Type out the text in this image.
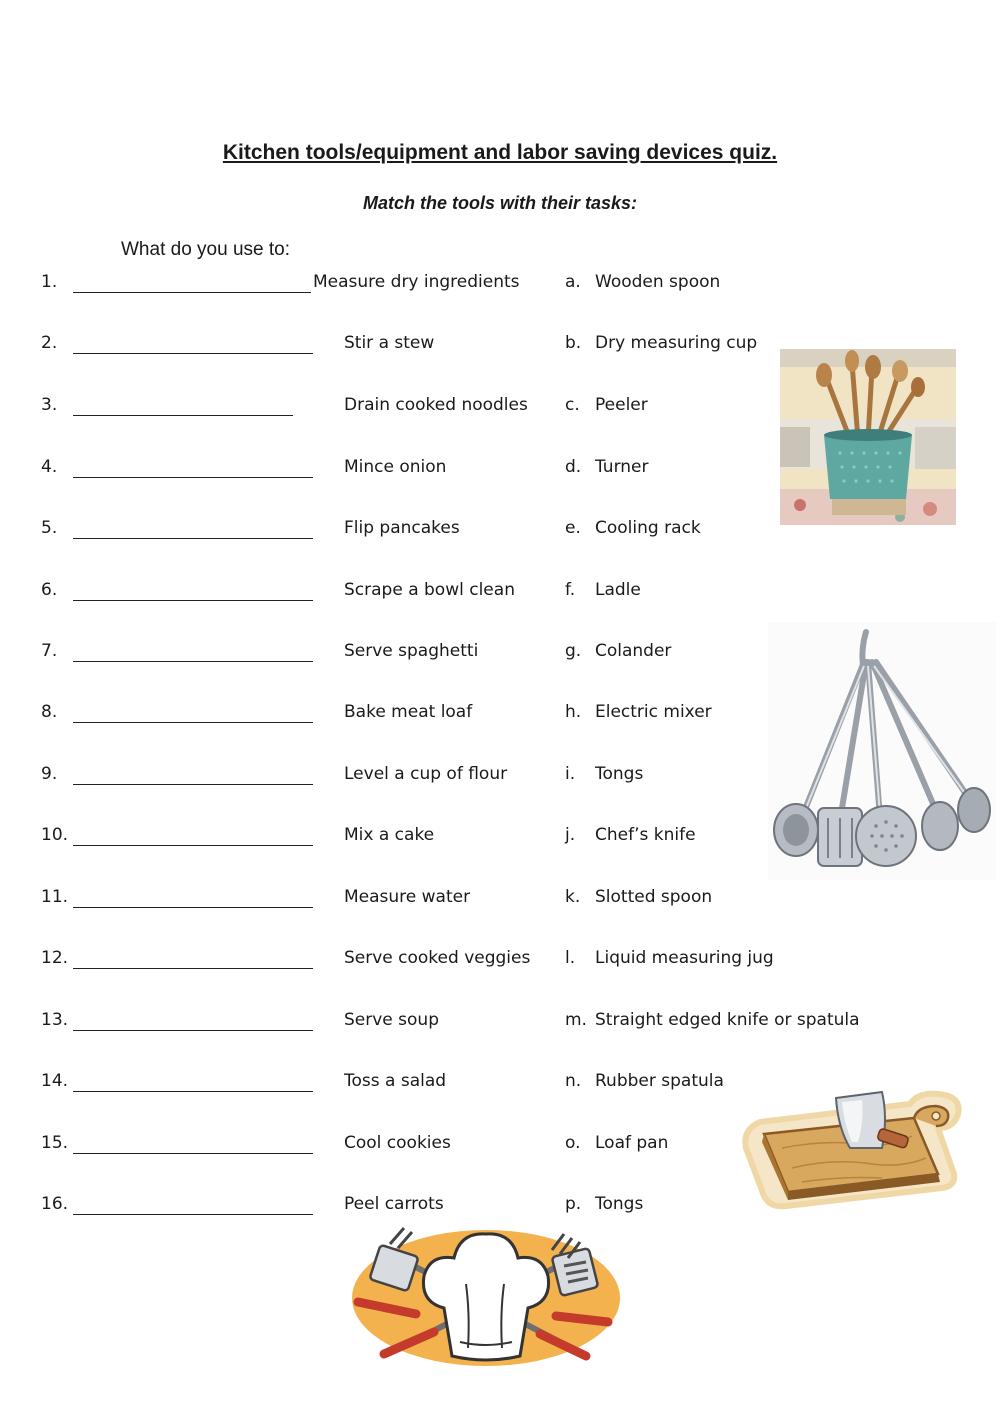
Kitchen tools/equipment and labor saving devices quiz.
Match the tools with their tasks:
What do you use to:
1.	Measure dry ingredients	a. Wooden spoon
2.	Stir a stew	b. Dry measuring cup
3.	Drain cooked noodles c. Peeler
4.	Mince onion	d. Turner
5.	Flip pancakes	e. Cooling rack
6.	Scrape a bowl clean	f. Ladle
7.	Serve spaghetti	g. Colander
8.	Bake meat loaf	h. Electric mixer
9.	Level a cup of flour	i. Tongs
10.	Mix a cake	j. Chef’s knife
11.	Measure water	k. Slotted spoon
12.	Serve cooked veggies l. Liquid measuring jug
13.	Serve soup	m. Straight edged knife or spatula
14.	Toss a salad	n. Rubber spatula
15.	Cool cookies	o. Loaf pan
16.	Peel carrots	p. Tongs
